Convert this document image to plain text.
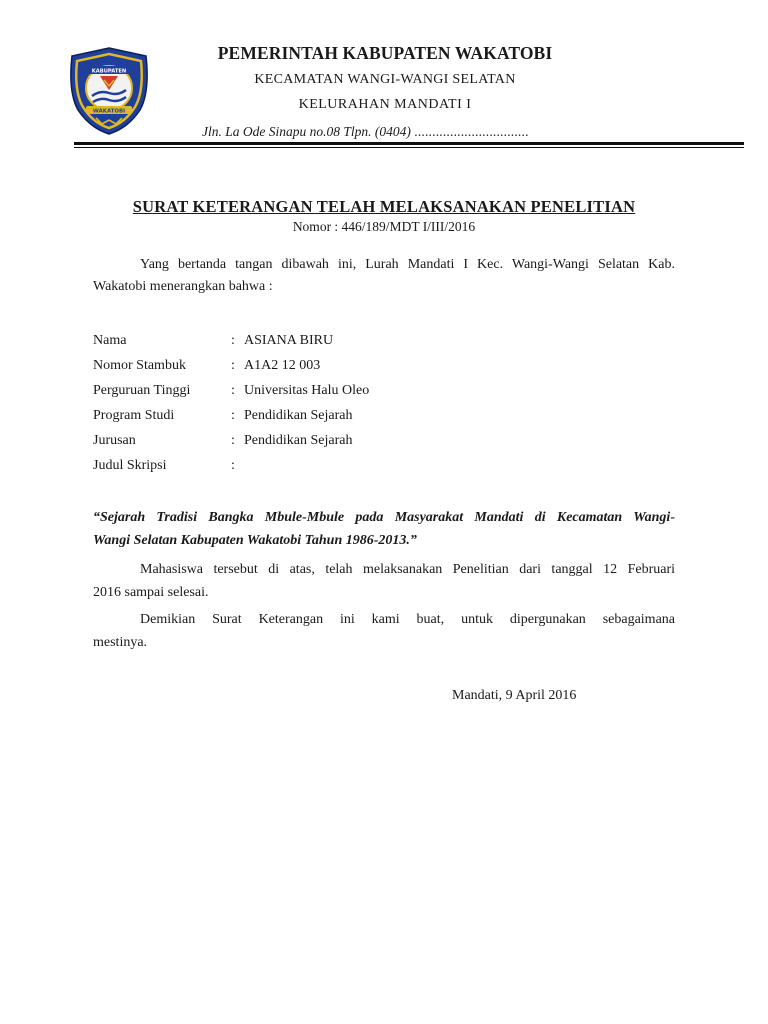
KABUPATEN
WAKATOBI
PEMERINTAH KABUPATEN WAKATOBI
KECAMATAN WANGI-WANGI SELATAN
KELURAHAN MANDATI I
Jln. La Ode Sinapu no.08 Tlpn. (0404) ................................
SURAT KETERANGAN TELAH MELAKSANAKAN PENELITIAN
Nomor : 446/189/MDT I/III/2016
Yang bertanda tangan dibawah ini, Lurah Mandati I Kec. Wangi-Wangi Selatan Kab.
Wakatobi menerangkan bahwa :
Nama	: ASIANA BIRU
Nomor Stambuk	: A1A2 12 003
Perguruan Tinggi	: Universitas Halu Oleo
Program Studi	: Pendidikan Sejarah
Jurusan	: Pendidikan Sejarah
Judul Skripsi	:
“Sejarah Tradisi Bangka Mbule-Mbule pada Masyarakat Mandati di Kecamatan Wangi-
Wangi Selatan Kabupaten Wakatobi Tahun 1986-2013.”
Mahasiswa tersebut di atas, telah melaksanakan Penelitian dari tanggal 12 Februari
2016 sampai selesai.
Demikian Surat Keterangan ini kami buat, untuk dipergunakan sebagaimana
mestinya.
Mandati, 9 April 2016
